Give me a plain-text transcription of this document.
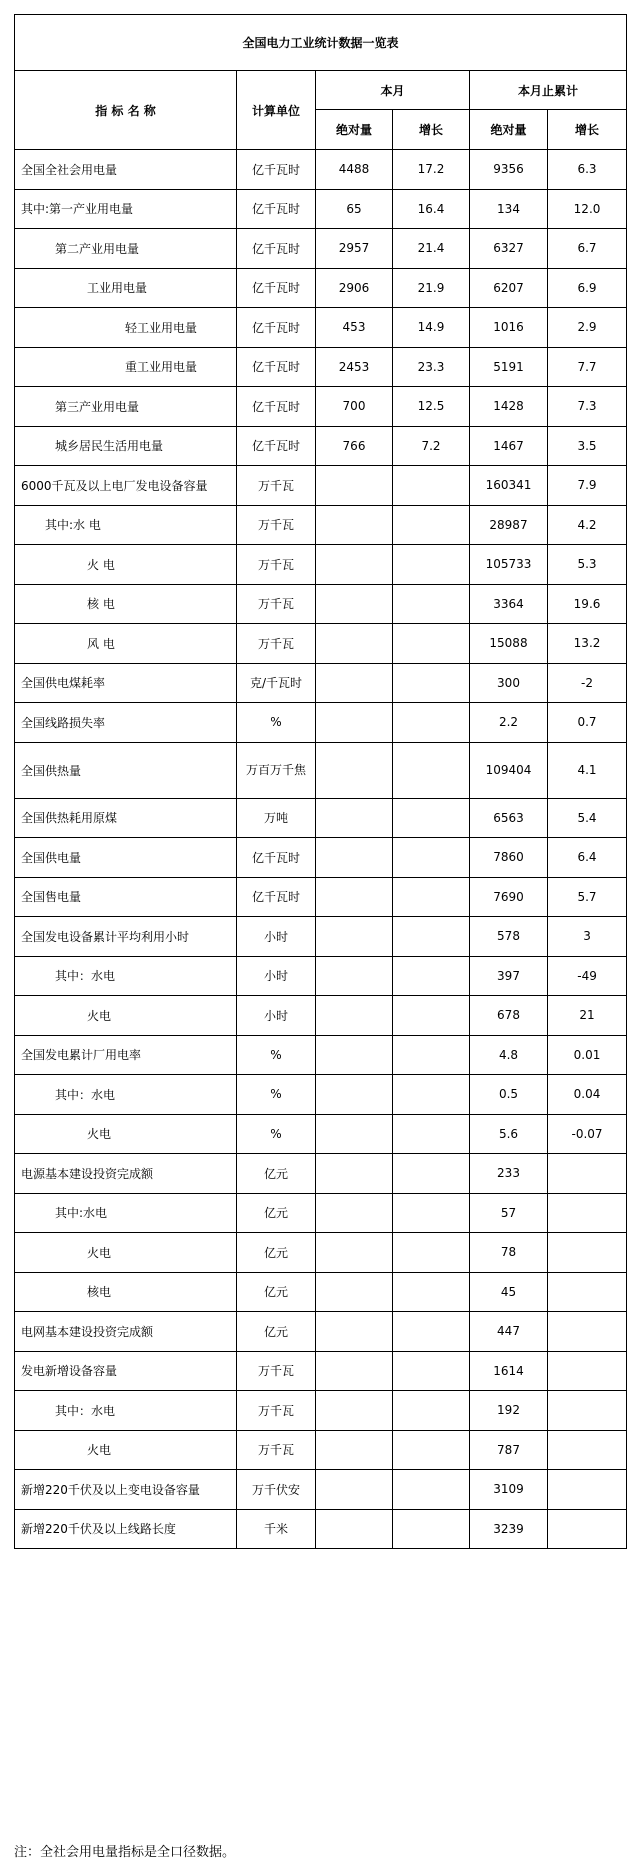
全国电力工业统计数据一览表					
指 标 名 称	计算单位	本月		本月止累计	
		绝对量	增长	绝对量	增长
全国全社会用电量	亿千瓦时	4488	17.2	9356	6.3
其中:第一产业用电量	亿千瓦时	65	16.4	134	12.0
第二产业用电量	亿千瓦时	2957	21.4	6327	6.7
工业用电量	亿千瓦时	2906	21.9	6207	6.9
轻工业用电量	亿千瓦时	453	14.9	1016	2.9
重工业用电量	亿千瓦时	2453	23.3	5191	7.7
第三产业用电量	亿千瓦时	700	12.5	1428	7.3
城乡居民生活用电量	亿千瓦时	766	7.2	1467	3.5
6000千瓦及以上电厂发电设备容量	万千瓦			160341	7.9
其中:水 电	万千瓦			28987	4.2
火 电	万千瓦			105733	5.3
核 电	万千瓦			3364	19.6
风 电	万千瓦			15088	13.2
全国供电煤耗率	克/千瓦时			300	-2
全国线路损失率	%			2.2	0.7
全国供热量	万百万千焦			109404	4.1
全国供热耗用原煤	万吨			6563	5.4
全国供电量	亿千瓦时			7860	6.4
全国售电量	亿千瓦时			7690	5.7
全国发电设备累计平均利用小时	小时			578	3
其中：水电	小时			397	-49
火电	小时			678	21
全国发电累计厂用电率	%			4.8	0.01
其中：水电	%			0.5	0.04
火电	%			5.6	-0.07
电源基本建设投资完成额	亿元			233	
其中:水电	亿元			57	
火电	亿元			78	
核电	亿元			45	
电网基本建设投资完成额	亿元			447	
发电新增设备容量	万千瓦			1614	
其中：水电	万千瓦			192	
火电	万千瓦			787	
新增220千伏及以上变电设备容量	万千伏安			3109	
新增220千伏及以上线路长度	千米			3239	
注：全社会用电量指标是全口径数据。
